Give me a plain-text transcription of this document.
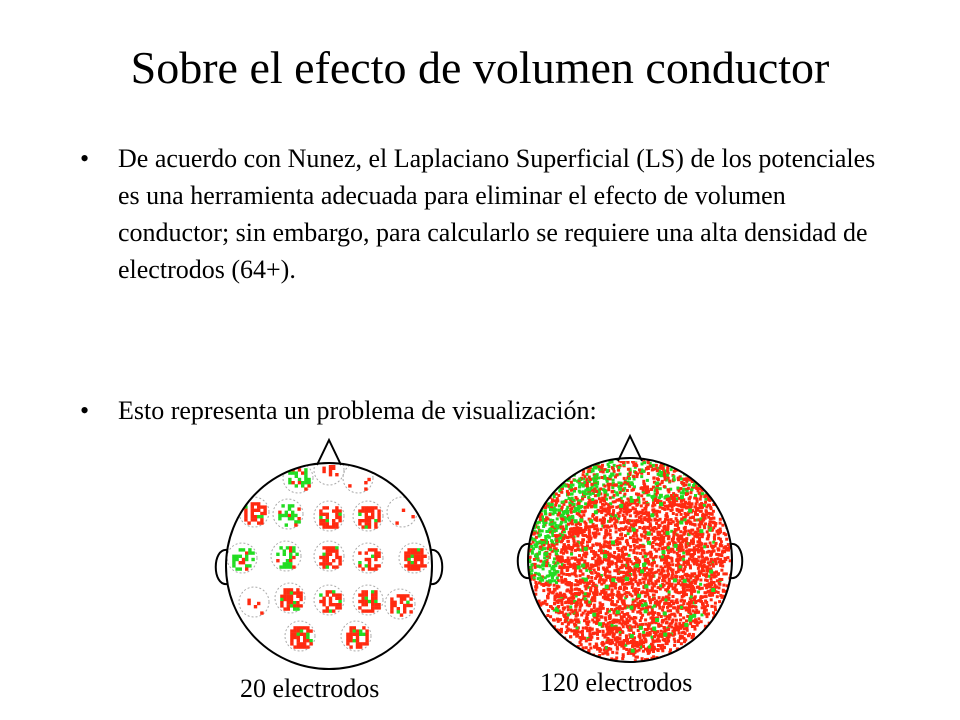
Sobre el efecto de volumen conductor
• De acuerdo con Nunez, el Laplaciano Superficial (LS) de los potenciales es una herramienta adecuada para eliminar el efecto de volumen conductor; sin embargo, para calcularlo se requiere una alta densidad de electrodos (64+).
• Esto representa un problema de visualización:
20 electrodos	120 electrodos
